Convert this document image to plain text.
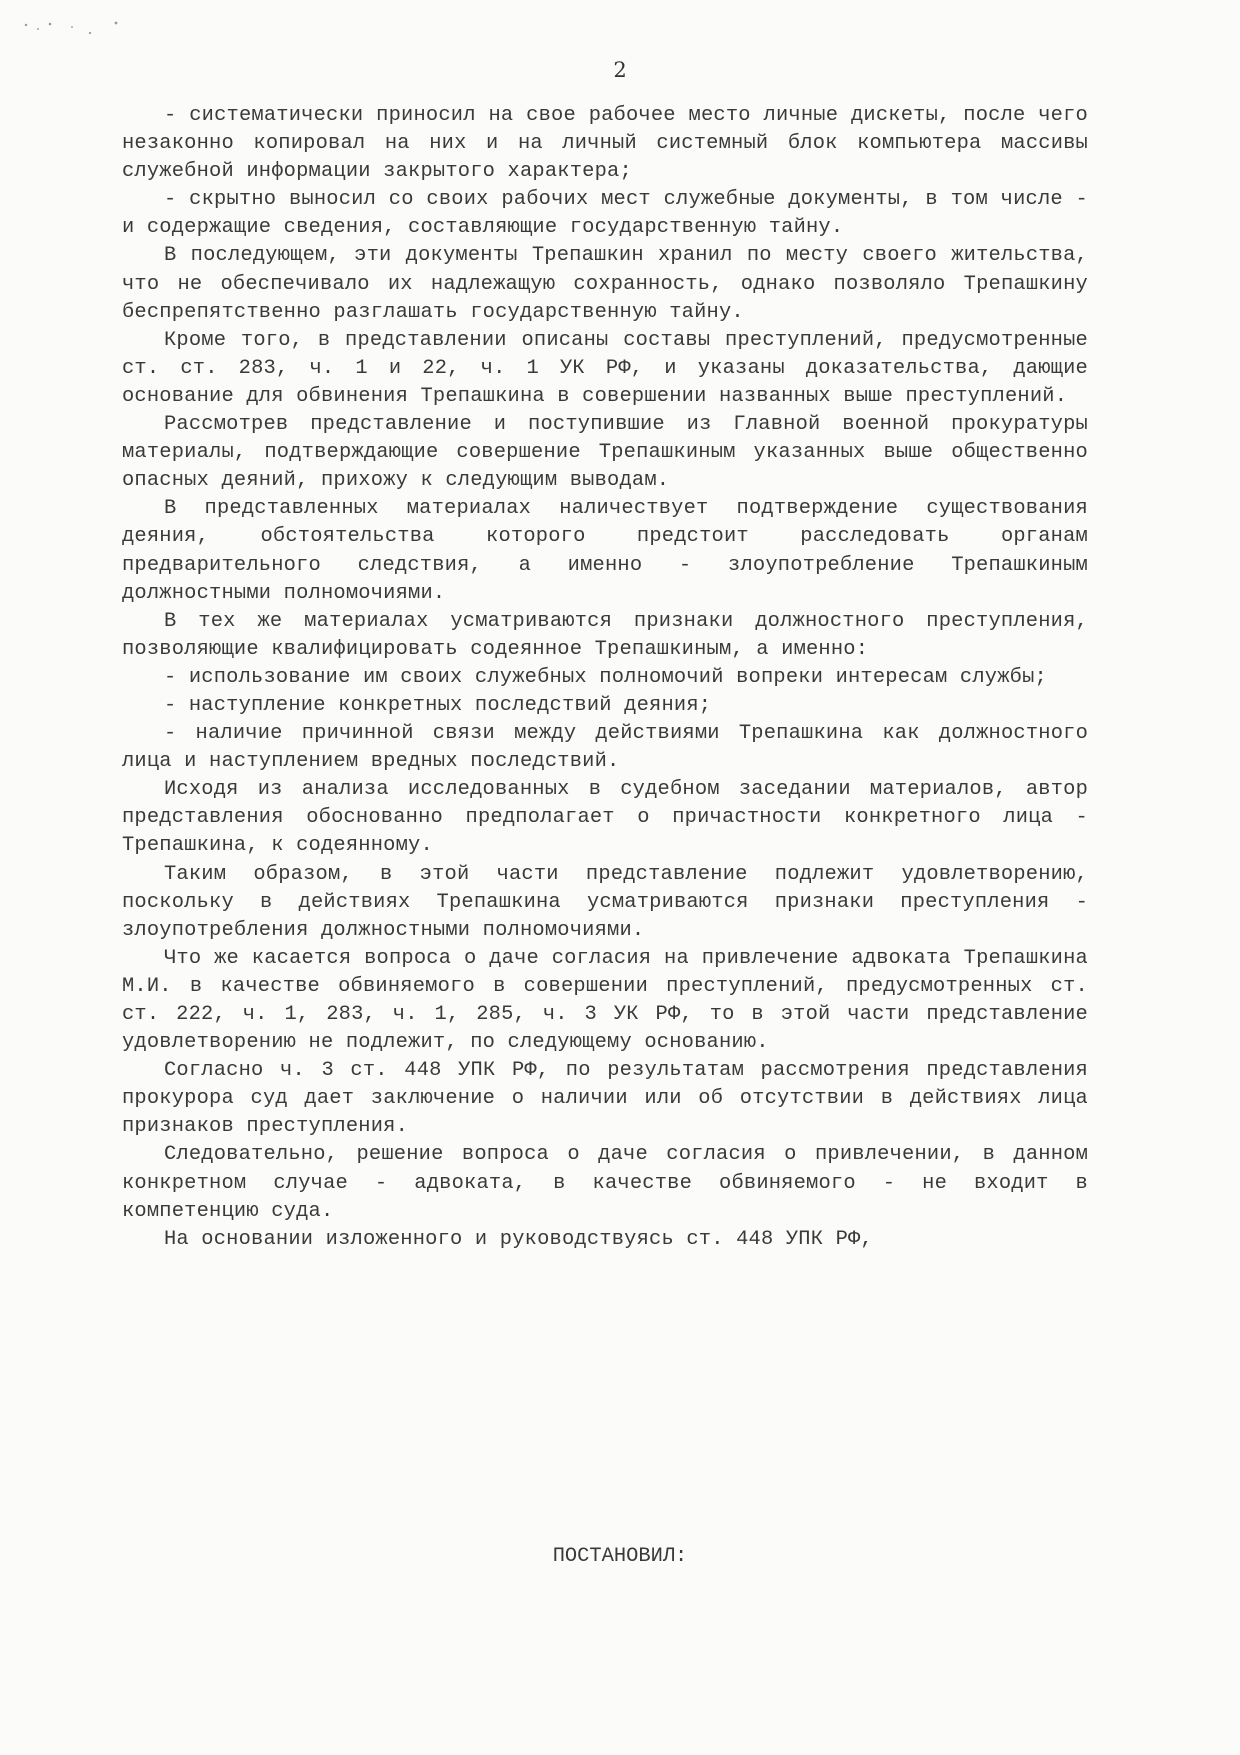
2

- систематически приносил на свое рабочее место личные дискеты, после чего незаконно копировал на них и на личный системный блок компьютера массивы служебной информации закрытого характера;

- скрытно выносил со своих рабочих мест служебные документы, в том числе - и содержащие сведения, составляющие государственную тайну.

В последующем, эти документы Трепашкин хранил по месту своего жительства, что не обеспечивало их надлежащую сохранность, однако позволяло Трепашкину беспрепятственно разглашать государственную тайну.

Кроме того, в представлении описаны составы преступлений, предусмотренные ст. ст. 283, ч. 1 и 22, ч. 1 УК РФ, и указаны доказательства, дающие основание для обвинения Трепашкина в совершении названных выше преступлений.

Рассмотрев представление и поступившие из Главной военной прокуратуры материалы, подтверждающие совершение Трепашкиным указанных выше общественно опасных деяний, прихожу к следующим выводам.

В представленных материалах наличествует подтверждение существования деяния, обстоятельства которого предстоит расследовать органам предварительного следствия, а именно - злоупотребление Трепашкиным должностными полномочиями.

В тех же материалах усматриваются признаки должностного преступления, позволяющие квалифицировать содеянное Трепашкиным, а именно:

- использование им своих служебных полномочий вопреки интересам службы;

- наступление конкретных последствий деяния;

- наличие причинной связи между действиями Трепашкина как должностного лица и наступлением вредных последствий.

Исходя из анализа исследованных в судебном заседании материалов, автор представления обоснованно предполагает о причастности конкретного лица - Трепашкина, к содеянному.

Таким образом, в этой части представление подлежит удовлетворению, поскольку в действиях Трепашкина усматриваются признаки преступления - злоупотребления должностными полномочиями.

Что же касается вопроса о даче согласия на привлечение адвоката Трепашкина М.И. в качестве обвиняемого в совершении преступлений, предусмотренных ст. ст. 222, ч. 1, 283, ч. 1, 285, ч. 3 УК РФ, то в этой части представление удовлетворению не подлежит, по следующему основанию.

Согласно ч. 3 ст. 448 УПК РФ, по результатам рассмотрения представления прокурора суд дает заключение о наличии или об отсутствии в действиях лица признаков преступления.

Следовательно, решение вопроса о даче согласия о привлечении, в данном конкретном случае - адвоката, в качестве обвиняемого - не входит в компетенцию суда.

На основании изложенного и руководствуясь ст. 448 УПК РФ,

ПОСТАНОВИЛ:
